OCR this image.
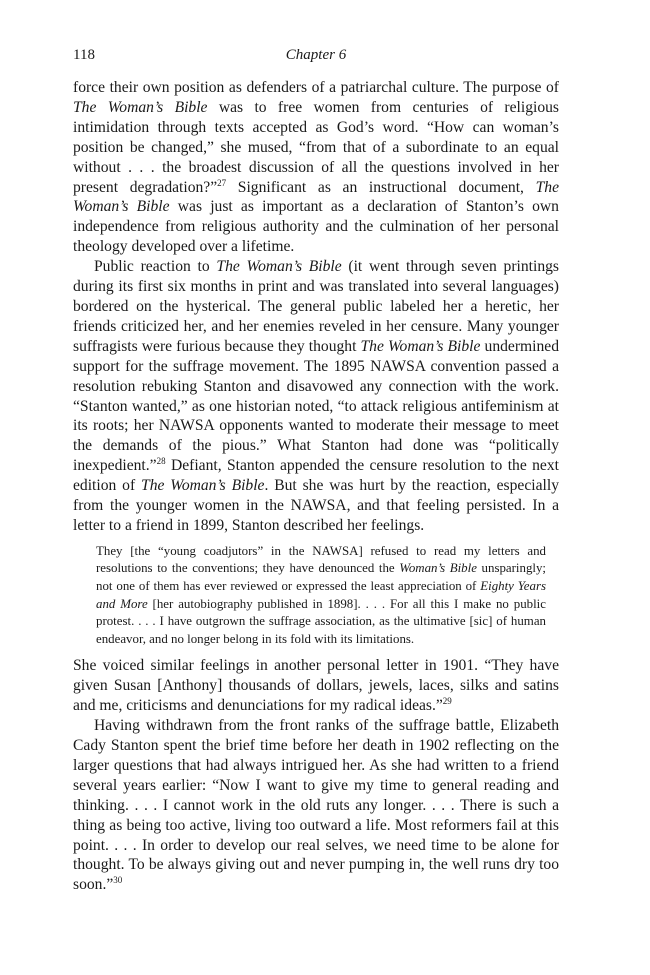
118	Chapter 6

force their own position as defenders of a patriarchal culture. The purpose of The Woman’s Bible was to free women from centuries of religious intimidation through texts accepted as God’s word. “How can woman’s position be changed,” she mused, “from that of a subordinate to an equal without . . . the broadest discussion of all the questions involved in her present degradation?”$^{27}$ Significant as an instructional document, The Woman’s Bible was just as important as a declaration of Stanton’s own independence from religious authority and the culmination of her personal theology developed over a lifetime.

Public reaction to The Woman’s Bible (it went through seven printings during its first six months in print and was translated into several languages) bordered on the hysterical. The general public labeled her a heretic, her friends criticized her, and her enemies reveled in her censure. Many younger suffragists were furious because they thought The Woman’s Bible undermined support for the suffrage movement. The 1895 NAWSA convention passed a resolution rebuking Stanton and disavowed any connection with the work. “Stanton wanted,” as one historian noted, “to attack religious antifeminism at its roots; her NAWSA opponents wanted to moderate their message to meet the demands of the pious.” What Stanton had done was “politically inexpedient.”$^{28}$ Defiant, Stanton appended the censure resolution to the next edition of The Woman’s Bible. But she was hurt by the reaction, especially from the younger women in the NAWSA, and that feeling persisted. In a letter to a friend in 1899, Stanton described her feelings.

They [the “young coadjutors” in the NAWSA] refused to read my letters and resolutions to the conventions; they have denounced the Woman’s Bible unsparingly; not one of them has ever reviewed or expressed the least appreciation of Eighty Years and More [her autobiography published in 1898]. . . . For all this I make no public protest. . . . I have outgrown the suffrage association, as the ultimative [sic] of human endeavor, and no longer belong in its fold with its limitations.

She voiced similar feelings in another personal letter in 1901. “They have given Susan [Anthony] thousands of dollars, jewels, laces, silks and satins and me, criticisms and denunciations for my radical ideas.”$^{29}$

Having withdrawn from the front ranks of the suffrage battle, Elizabeth Cady Stanton spent the brief time before her death in 1902 reflecting on the larger questions that had always intrigued her. As she had written to a friend several years earlier: “Now I want to give my time to general reading and thinking. . . . I cannot work in the old ruts any longer. . . . There is such a thing as being too active, living too outward a life. Most reformers fail at this point. . . . In order to develop our real selves, we need time to be alone for thought. To be always giving out and never pumping in, the well runs dry too soon.”$^{30}$
